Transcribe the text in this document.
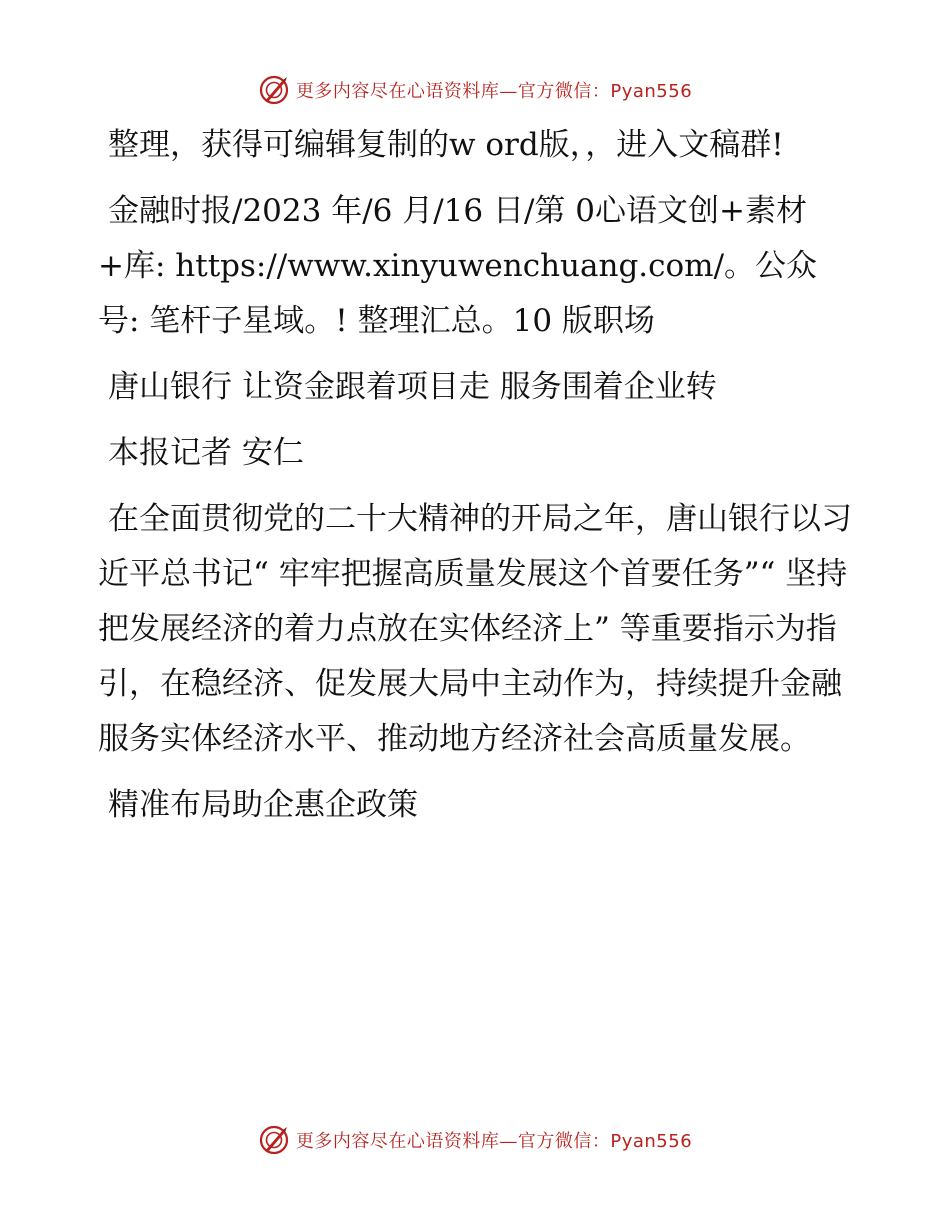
更多内容尽在心语资料库—官方微信：Pyan556

整理，获得可编辑复制的w ord版，，进入文稿群!

金融时报/2023 年/6 月/16 日/第 0心语文创+素材+库: https://www.xinyuwenchuang.com/。公众号: 笔杆子星域。! 整理汇总。10 版职场

唐山银行 让资金跟着项目走 服务围着企业转

本报记者 安仁

在全面贯彻党的二十大精神的开局之年，唐山银行以习近平总书记“ 牢牢把握高质量发展这个首要任务”“ 坚持把发展经济的着力点放在实体经济上” 等重要指示为指引，在稳经济、促发展大局中主动作为，持续提升金融服务实体经济水平、推动地方经济社会高质量发展。

精准布局助企惠企政策

更多内容尽在心语资料库—官方微信：Pyan556
